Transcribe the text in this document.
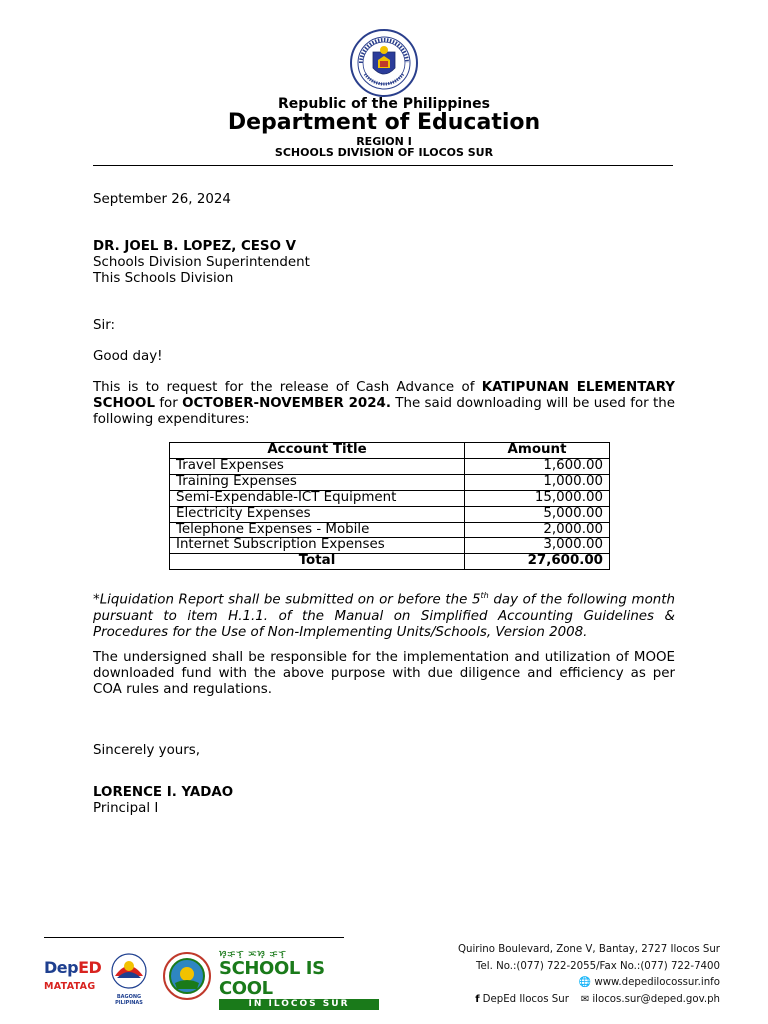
Republic of the Philippines
Department of Education
REGION I
SCHOOLS DIVISION OF ILOCOS SUR
September 26, 2024
DR. JOEL B. LOPEZ, CESO V
Schools Division Superintendent
This Schools Division
Sir:
Good day!
This is to request for the release of Cash Advance of KATIPUNAN ELEMENTARY SCHOOL for OCTOBER-NOVEMBER 2024. The said downloading will be used for the following expenditures:
Account Title	Amount
Travel Expenses	1,600.00
Training Expenses	1,000.00
Semi-Expendable-ICT Equipment	15,000.00
Electricity Expenses	5,000.00
Telephone Expenses - Mobile	2,000.00
Internet Subscription Expenses	3,000.00
Total	27,600.00
*Liquidation Report shall be submitted on or before the 5th day of the following month pursuant to item H.1.1. of the Manual on Simplified Accounting Guidelines & Procedures for the Use of Non-Implementing Units/Schools, Version 2008.
The undersigned shall be responsible for the implementation and utilization of MOOE downloaded fund with the above purpose with due diligence and efficiency as per COA rules and regulations.
Sincerely yours,
LORENCE I. YADAO
Principal I
DepED
MATATAG
BAGONG PILIPINAS
ᜐ᜔ᜃᜓᜎ᜔ ᜁᜐ᜔ ᜃᜓᜎ᜔
SCHOOL IS COOL
IN ILOCOS SUR
Quirino Boulevard, Zone V, Bantay, 2727 Ilocos Sur
Tel. No.:(077) 722-2055/Fax No.:(077) 722-7400
🌐 www.depedilocossur.info
f DepEd Ilocos Sur ✉ ilocos.sur@deped.gov.ph
